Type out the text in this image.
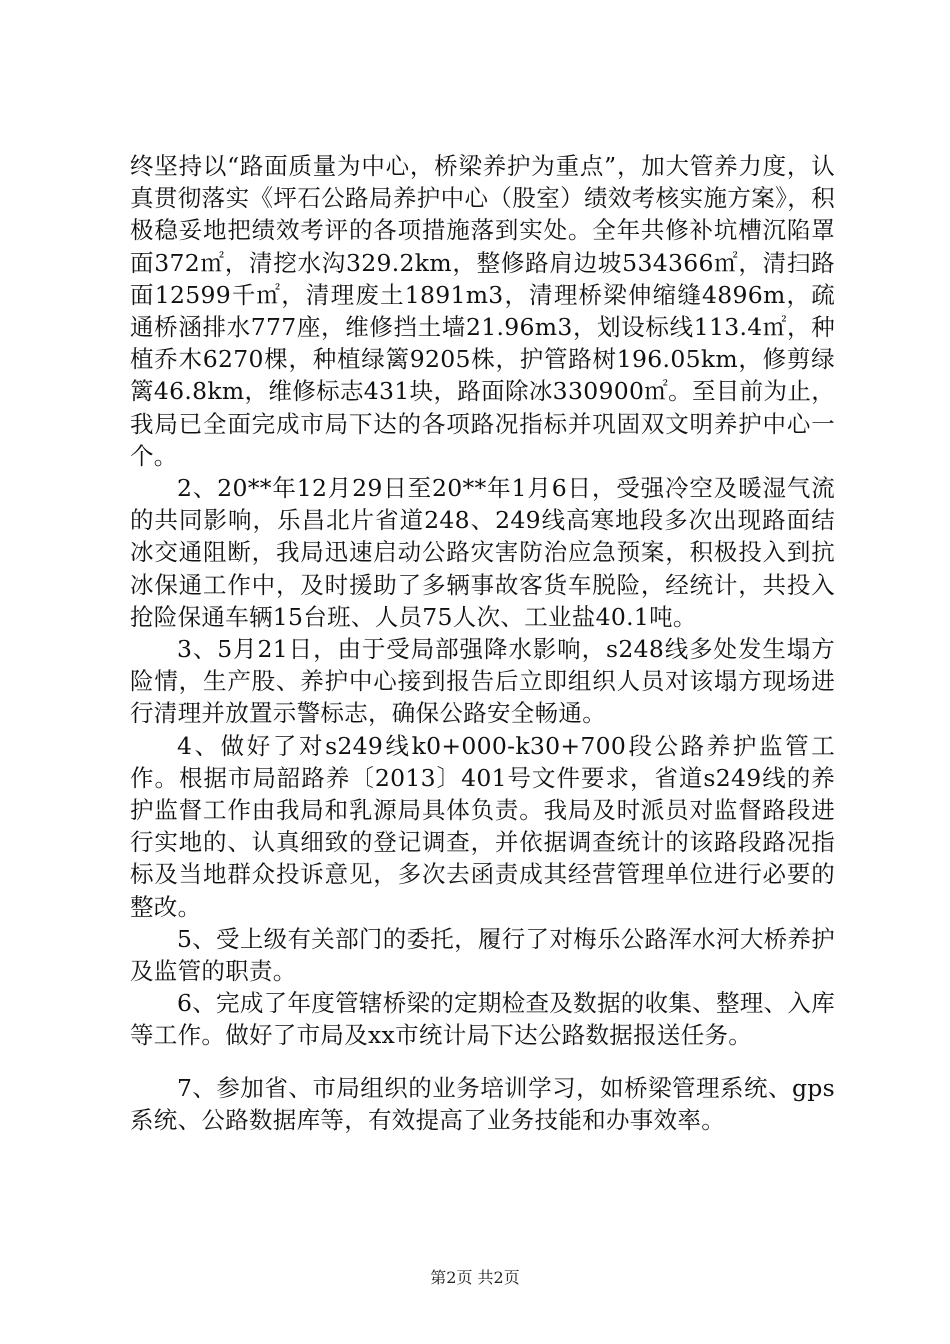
终坚持以“路面质量为中心，桥梁养护为重点”，加大管养力度，认真贯彻落实《坪石公路局养护中心（股室）绩效考核实施方案》，积极稳妥地把绩效考评的各项措施落到实处。全年共修补坑槽沉陷罩面372㎡，清挖水沟329.2km，整修路肩边坡534366㎡，清扫路面12599千㎡，清理废土1891m3，清理桥梁伸缩缝4896m，疏通桥涵排水777座，维修挡土墙21.96m3，划设标线113.4㎡，种植乔木6270棵，种植绿篱9205株，护管路树196.05km，修剪绿篱46.8km，维修标志431块，路面除冰330900㎡。至目前为止，我局已全面完成市局下达的各项路况指标并巩固双文明养护中心一个。

2、20**年12月29日至20**年1月6日，受强冷空及暖湿气流的共同影响，乐昌北片省道248、249线高寒地段多次出现路面结冰交通阻断，我局迅速启动公路灾害防治应急预案，积极投入到抗冰保通工作中，及时援助了多辆事故客货车脱险，经统计，共投入抢险保通车辆15台班、人员75人次、工业盐40.1吨。

3、5月21日，由于受局部强降水影响，s248线多处发生塌方险情，生产股、养护中心接到报告后立即组织人员对该塌方现场进行清理并放置示警标志，确保公路安全畅通。

4、做好了对s249线k0+000-k30+700段公路养护监管工作。根据市局韶路养〔2013〕401号文件要求，省道s249线的养护监督工作由我局和乳源局具体负责。我局及时派员对监督路段进行实地的、认真细致的登记调查，并依据调查统计的该路段路况指标及当地群众投诉意见，多次去函责成其经营管理单位进行必要的整改。

5、受上级有关部门的委托，履行了对梅乐公路浑水河大桥养护及监管的职责。

6、完成了年度管辖桥梁的定期检查及数据的收集、整理、入库等工作。做好了市局及xx市统计局下达公路数据报送任务。

7、参加省、市局组织的业务培训学习，如桥梁管理系统、gps系统、公路数据库等，有效提高了业务技能和办事效率。

第2页 共2页
